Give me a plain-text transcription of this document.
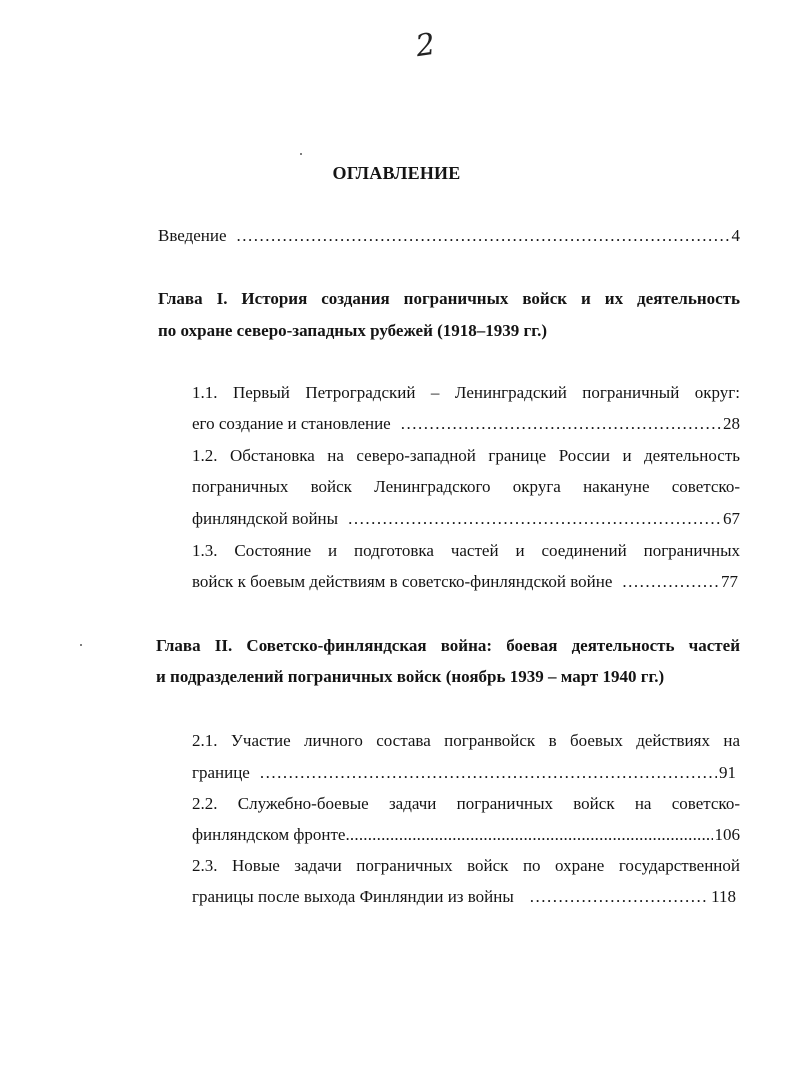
2
ОГЛАВЛЕНИЕ
Введение .....	4
Глава I. История создания пограничных войск и их деятельность
по охране северо-западных рубежей (1918–1939 гг.)
1.1. Первый Петроградский – Ленинградский пограничный округ:
его создание и становление .....	28
1.2. Обстановка на северо-западной границе России и деятельность
пограничных войск Ленинградского округа накануне советско-
финляндской войны .....	67
1.3. Состояние и подготовка частей и соединений пограничных
войск к боевым действиям в советско-финляндской войне .....	77
Глава II. Советско-финляндская война: боевая деятельность частей
и подразделений пограничных войск (ноябрь 1939 – март 1940 гг.)
2.1. Участие личного состава погранвойск в боевых действиях на
границе .....	91
2.2. Служебно-боевые задачи пограничных войск на советско-
финляндском фронте .....	106
2.3. Новые задачи пограничных войск по охране государственной
границы после выхода Финляндии из войны .....	118
